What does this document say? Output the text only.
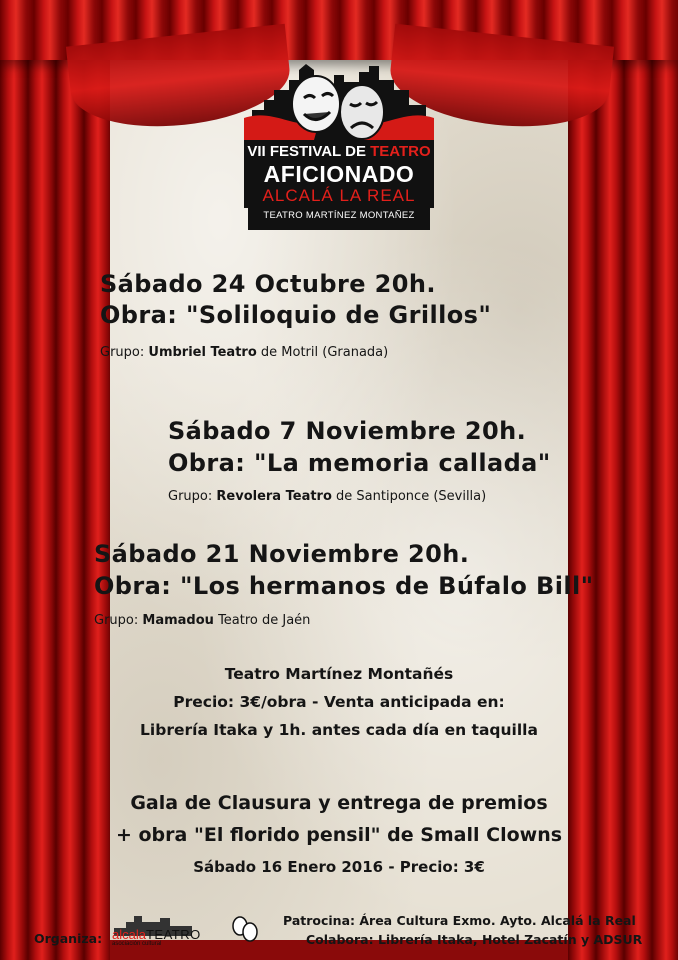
VII FESTIVAL DE TEATRO
AFICIONADO
ALCALÁ LA REAL
TEATRO MARTÍNEZ MONTAÑEZ
Sábado 24 Octubre 20h.
Obra: "Soliloquio de Grillos"
Grupo: Umbriel Teatro de Motril (Granada)
Sábado 7 Noviembre 20h.
Obra: "La memoria callada"
Grupo: Revolera Teatro de Santiponce (Sevilla)
Sábado 21 Noviembre 20h.
Obra: "Los hermanos de Búfalo Bill"
Grupo: Mamadou Teatro de Jaén
Teatro Martínez Montañés
Precio: 3€/obra - Venta anticipada en:
Librería Itaka y 1h. antes cada día en taquilla
Gala de Clausura y entrega de premios
+ obra "El florido pensil" de Small Clowns
Sábado 16 Enero 2016 - Precio: 3€
Organiza: alcalaTEATRO
asociación cultural
Patrocina: Área Cultura Exmo. Ayto. Alcalá la Real
Colabora: Librería Itaka, Hotel Zacatín y ADSUR
